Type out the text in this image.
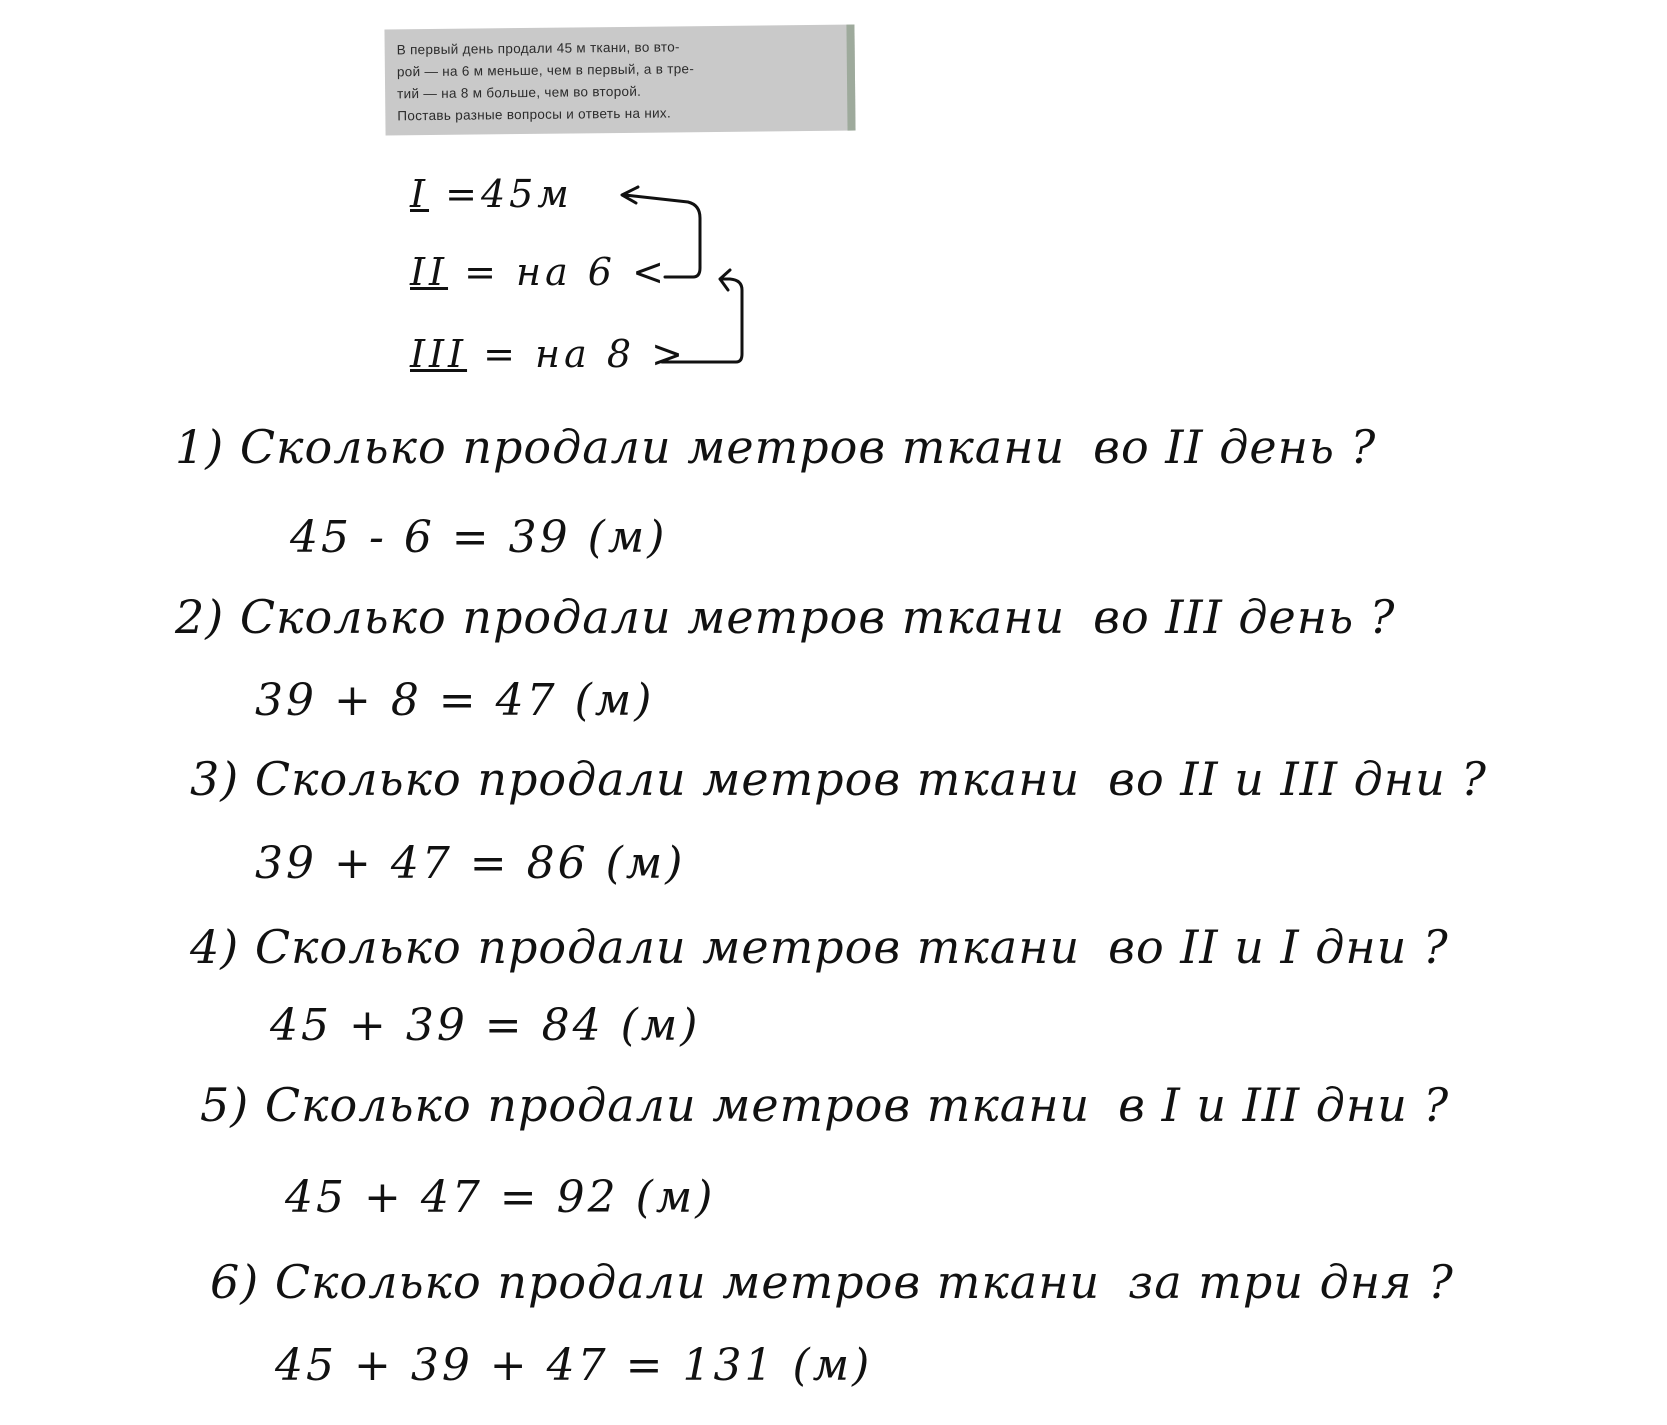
В первый день продали 45 м ткани, во вто-
рой — на 6 м меньше, чем в первый, а в тре-
тий — на 8 м больше, чем во второй.
Поставь разные вопросы и ответь на них.
I =45м
II = на 6 <
III = на 8 >
1) Сколько продали метров ткани во II день ?
45 - 6 = 39 (м)
2) Сколько продали метров ткани во III день ?
39 + 8 = 47 (м)
3) Сколько продали метров ткани во II и III дни ?
39 + 47 = 86 (м)
4) Сколько продали метров ткани во II и I дни ?
45 + 39 = 84 (м)
5) Сколько продали метров ткани в I и III дни ?
45 + 47 = 92 (м)
6) Сколько продали метров ткани за три дня ?
45 + 39 + 47 = 131 (м)
